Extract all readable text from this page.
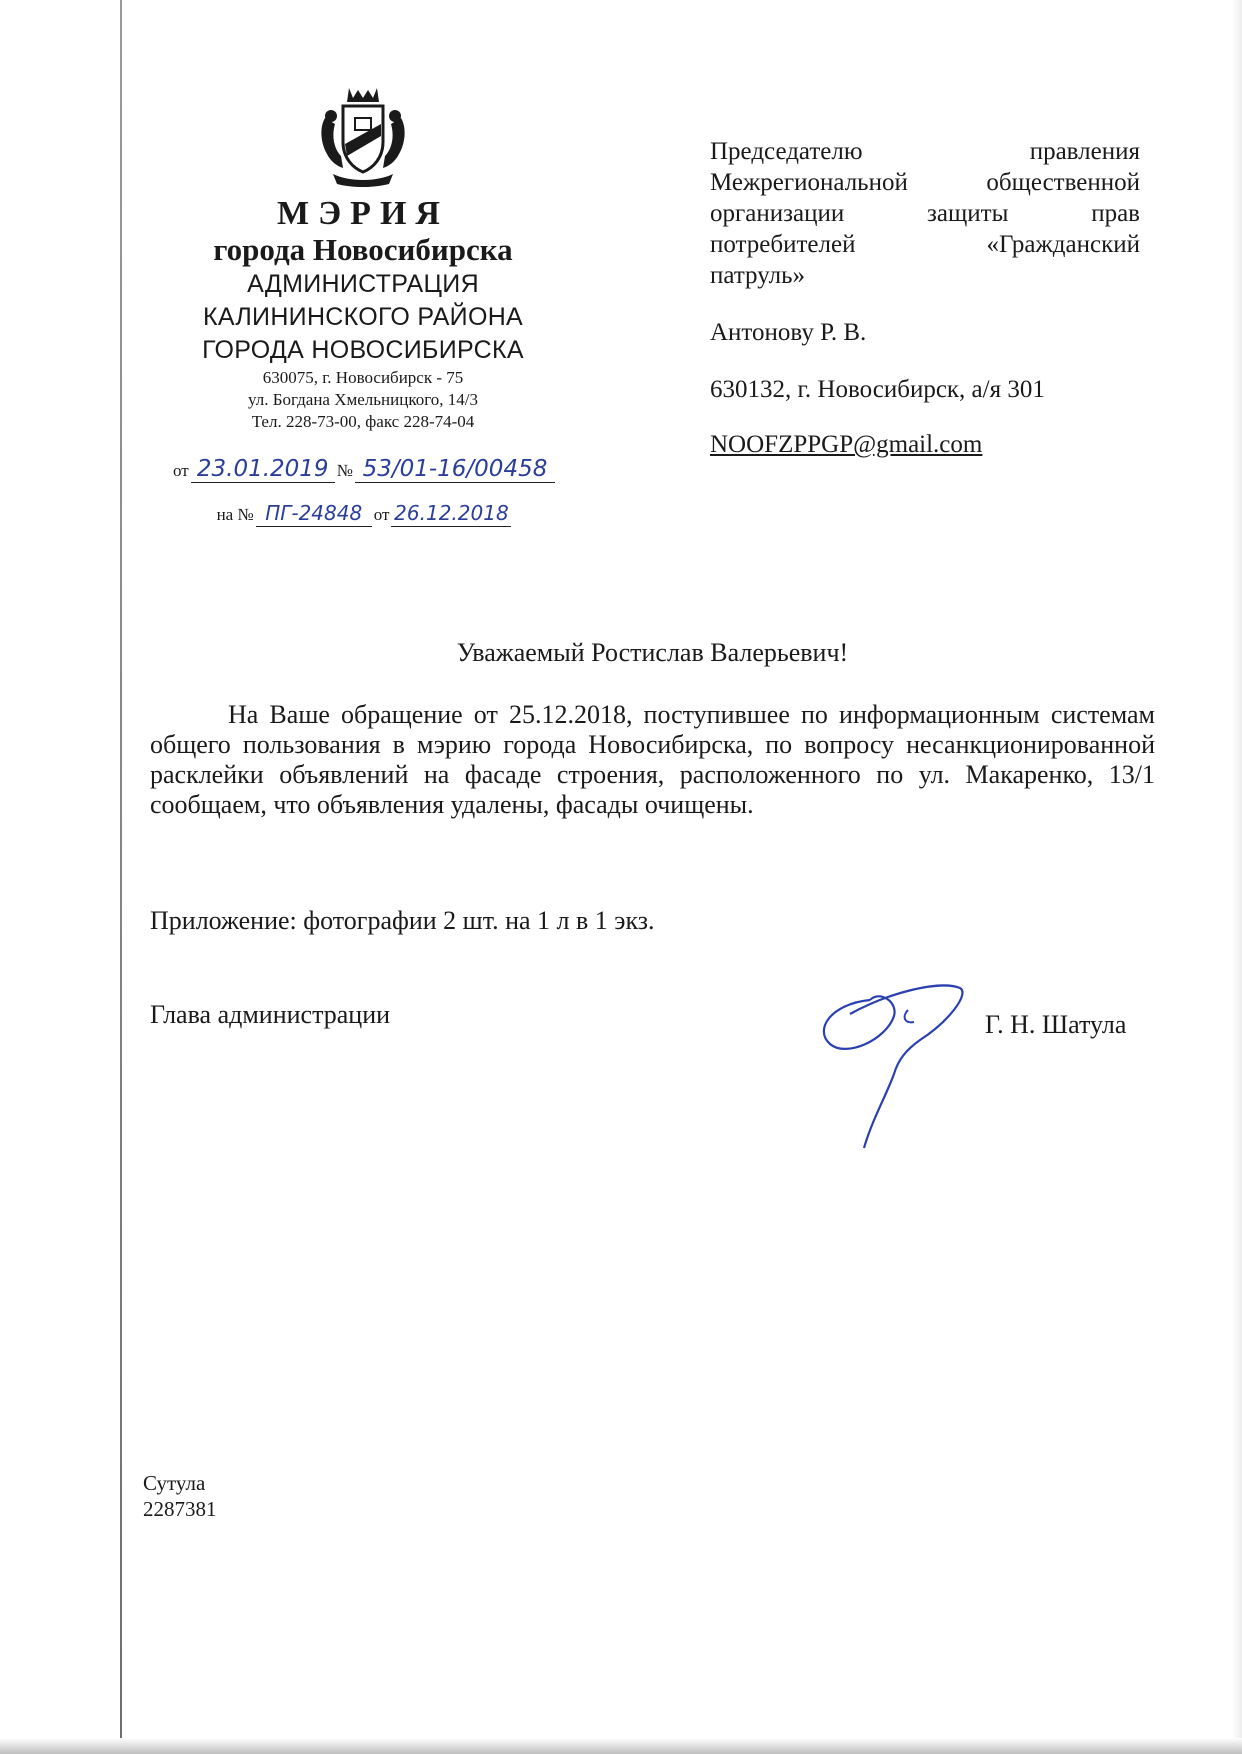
МЭРИЯ
города Новосибирска
АДМИНИСТРАЦИЯ
КАЛИНИНСКОГО РАЙОНА
ГОРОДА НОВОСИБИРСКА
630075, г. Новосибирск - 75
ул. Богдана Хмельницкого, 14/3
Тел. 228-73-00, факс 228-74-04
от 23.01.2019 № 53/01-16/00458
на № ПГ-24848 от 26.12.2018
Председателю правления
Межрегиональной общественной
организации защиты прав
потребителей «Гражданский
патруль»
Антонову Р. В.
630132, г. Новосибирск, а/я 301
NOOFZPPGP@gmail.com
Уважаемый Ростислав Валерьевич!

На Ваше обращение от 25.12.2018, поступившее по информационным системам общего пользования в мэрию города Новосибирска, по вопросу несанкционированной расклейки объявлений на фасаде строения, расположенного по ул. Макаренко, 13/1 сообщаем, что объявления удалены, фасады очищены.

Приложение: фотографии 2 шт. на 1 л в 1 экз.
Глава администрации	Г. Н. Шатула
Сутула
2287381
